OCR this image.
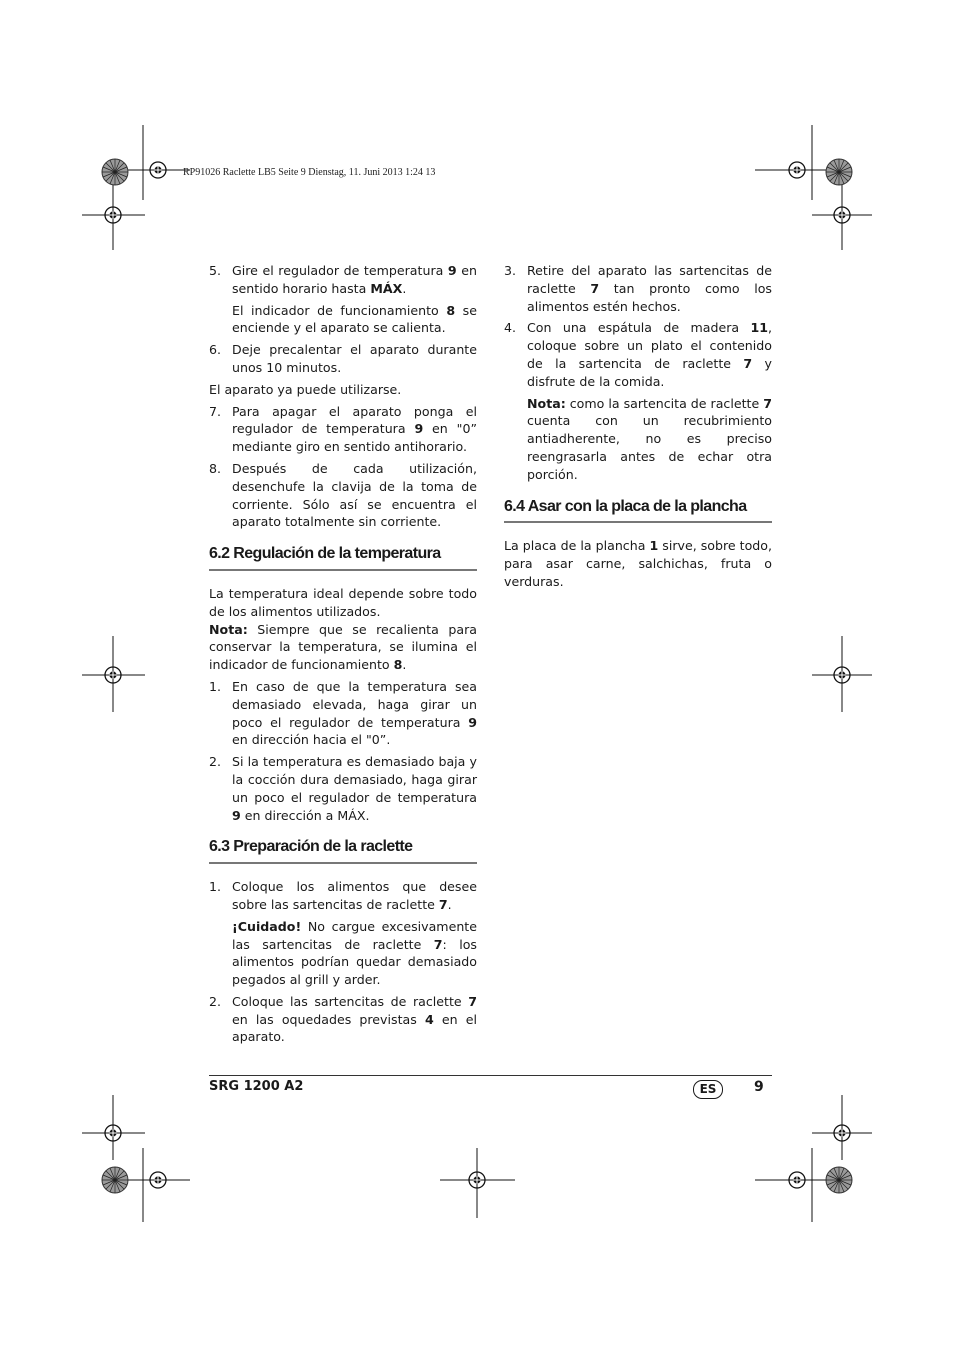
RP91026 Raclette LB5 Seite 9 Dienstag, 11. Juni 2013 1:24 13
5. Gire el regulador de temperatura 9 en sentido horario hasta MÁX.

El indicador de funcionamiento 8 se enciende y el aparato se calienta.

6. Deje precalentar el aparato durante unos 10 minutos.

El aparato ya puede utilizarse.

7. Para apagar el aparato ponga el regulador de temperatura 9 en "0” mediante giro en sentido antihorario.

8. Después de cada utilización, desenchufe la clavija de la toma de corriente. Sólo así se encuentra el aparato totalmente sin corriente.

6.2 Regulación de la temperatura

La temperatura ideal depende sobre todo de los alimentos utilizados.

Nota: Siempre que se recalienta para conservar la temperatura, se ilumina el indicador de funcionamiento 8.

1. En caso de que la temperatura sea demasiado elevada, haga girar un poco el regulador de temperatura 9 en dirección hacia el "0”.

2. Si la temperatura es demasiado baja y la cocción dura demasiado, haga girar un poco el regulador de temperatura 9 en dirección a MÁX.

6.3 Preparación de la raclette
1. Coloque los alimentos que desee sobre las sartencitas de raclette 7.

¡Cuidado! No cargue excesivamente las sartencitas de raclette 7: los alimentos podrían quedar demasiado pegados al grill y arder.

2. Coloque las sartencitas de raclette 7 en las oquedades previstas 4 en el aparato.

3. Retire del aparato las sartencitas de raclette 7 tan pronto como los alimentos estén hechos.

4. Con una espátula de madera 11, coloque sobre un plato el contenido de la sartencita de raclette 7 y disfrute de la comida.

Nota: como la sartencita de raclette 7 cuenta con un recubrimiento antiadherente, no es preciso reengrasarla antes de echar otra porción.

6.4 Asar con la placa de la plancha

La placa de la plancha 1 sirve, sobre todo, para asar carne, salchichas, fruta o verduras.

SRG 1200 A2	ES	9
